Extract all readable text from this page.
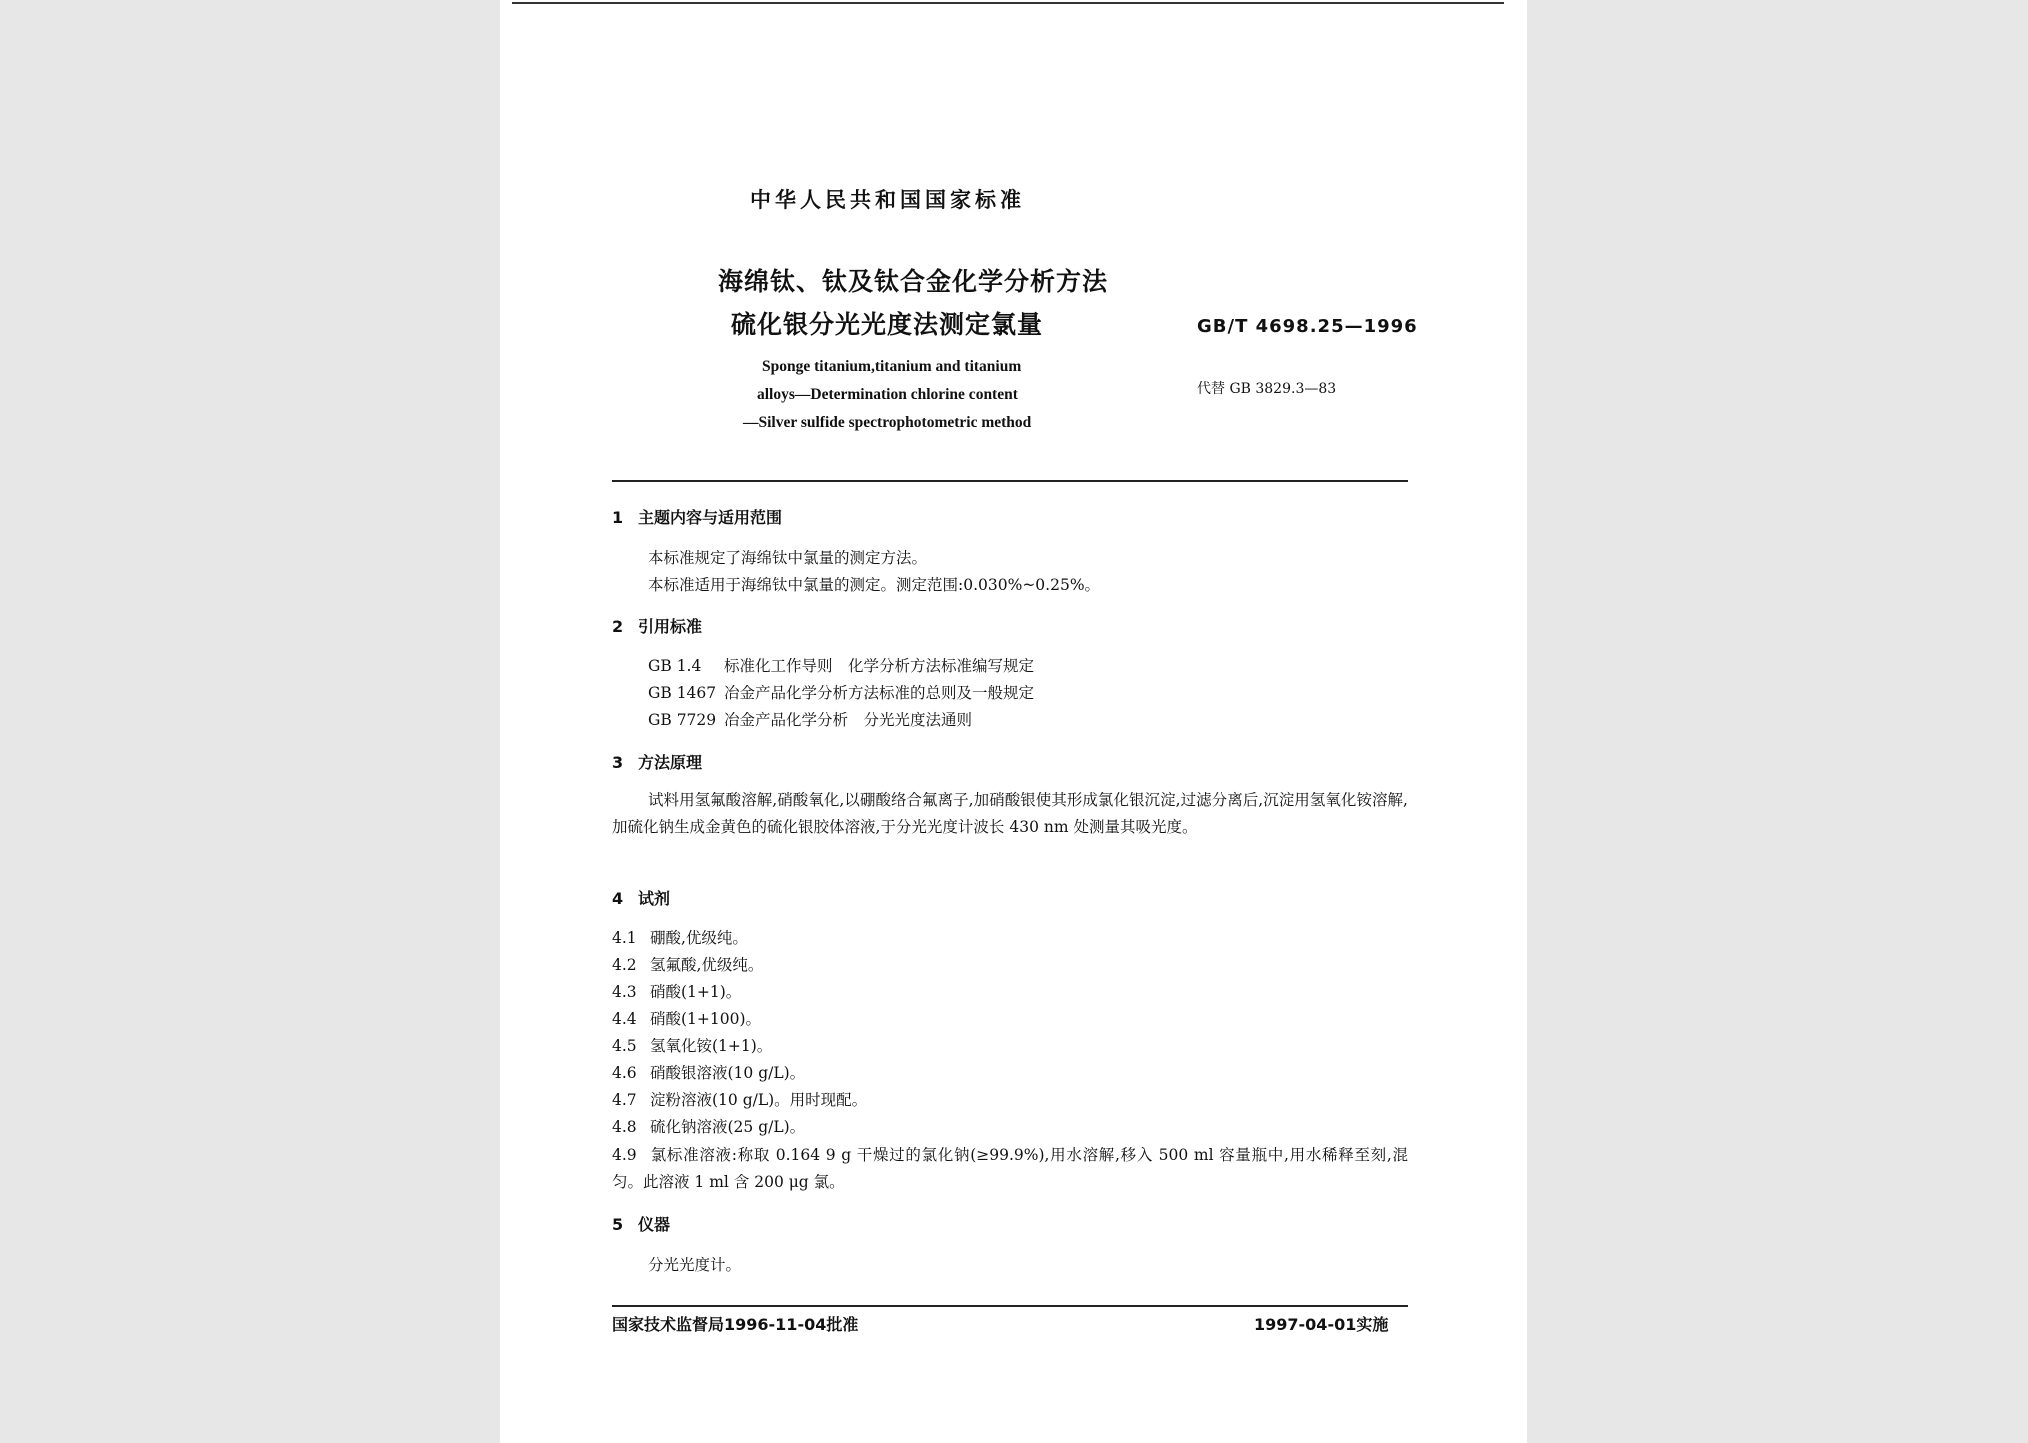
中华人民共和国国家标准
海绵钛、钛及钛合金化学分析方法
硫化银分光光度法测定氯量	GB/T 4698.25—1996
Sponge titanium,titanium and titanium
alloys—Determination chlorine content
—Silver sulfide spectrophotometric method
代替 GB 3829.3—83
1 主题内容与适用范围
本标准规定了海绵钛中氯量的测定方法。
本标准适用于海绵钛中氯量的测定。测定范围:0.030%~0.25%。
2 引用标准
GB 1.4 标准化工作导则　化学分析方法标准编写规定
GB 1467 冶金产品化学分析方法标准的总则及一般规定
GB 7729 冶金产品化学分析　分光光度法通则
3 方法原理
试料用氢氟酸溶解,硝酸氧化,以硼酸络合氟离子,加硝酸银使其形成氯化银沉淀,过滤分离后,沉淀用氢氧化铵溶解,加硫化钠生成金黄色的硫化银胶体溶液,于分光光度计波长 430 nm 处测量其吸光度。
4 试剂
4.1 硼酸,优级纯。
4.2 氢氟酸,优级纯。
4.3 硝酸(1+1)。
4.4 硝酸(1+100)。
4.5 氢氧化铵(1+1)。
4.6 硝酸银溶液(10 g/L)。
4.7 淀粉溶液(10 g/L)。用时现配。
4.8 硫化钠溶液(25 g/L)。
4.9 氯标准溶液:称取 0.164 9 g 干燥过的氯化钠(≥99.9%),用水溶解,移入 500 ml 容量瓶中,用水稀释至刻,混匀。此溶液 1 ml 含 200 μg 氯。
5 仪器
分光光度计。
国家技术监督局1996-11-04批准	1997-04-01实施
